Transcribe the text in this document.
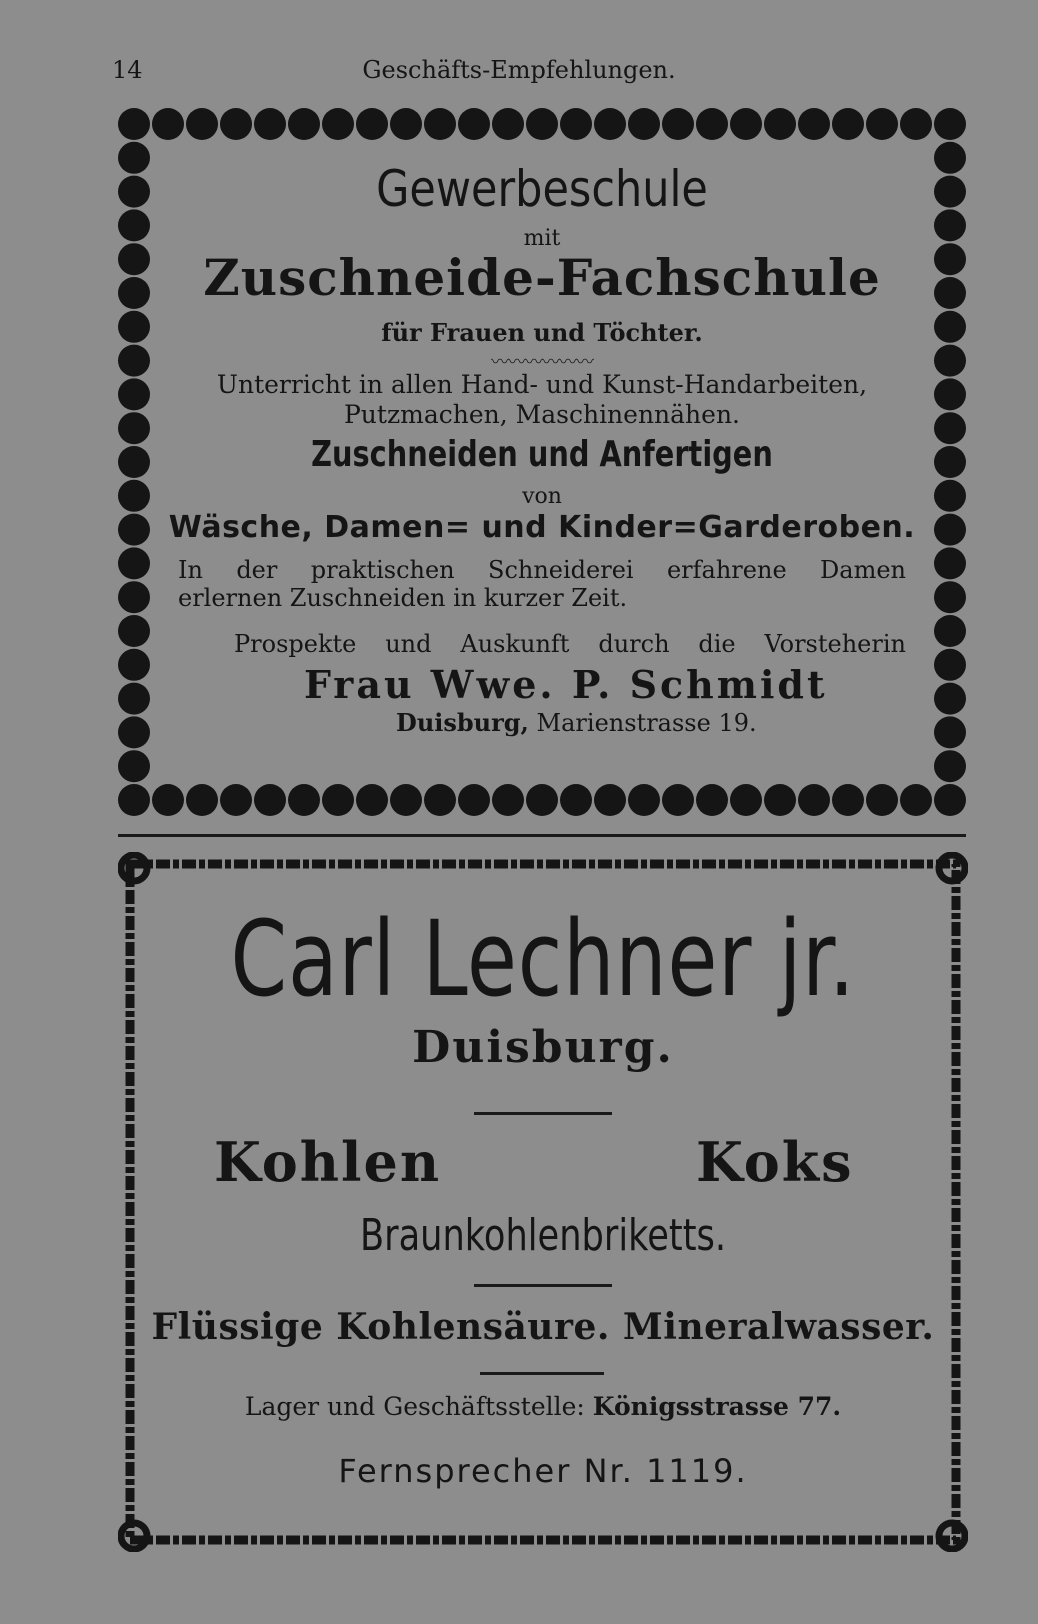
14	Geschäfts-Empfehlungen.
Gewerbeschule
mit
Zuschneide-Fachschule
für Frauen und Töchter.
〰〰〰〰〰〰
Unterricht in allen Hand- und Kunst-Handarbeiten,
Putzmachen, Maschinennähen.
Zuschneiden und Anfertigen
von
Wäsche, Damen= und Kinder=Garderoben.
In der praktischen Schneiderei erfahrene Damen
erlernen Zuschneiden in kurzer Zeit.
Prospekte und Auskunft durch die Vorsteherin
Frau Wwe. P. Schmidt
Duisburg, Marienstrasse 19.
Carl Lechner jr.
Duisburg.
Kohlen	Koks
Braunkohlenbriketts.
Flüssige Kohlensäure. Mineralwasser.
Lager und Geschäftsstelle: Königsstrasse 77.
Fernsprecher Nr. 1119.
